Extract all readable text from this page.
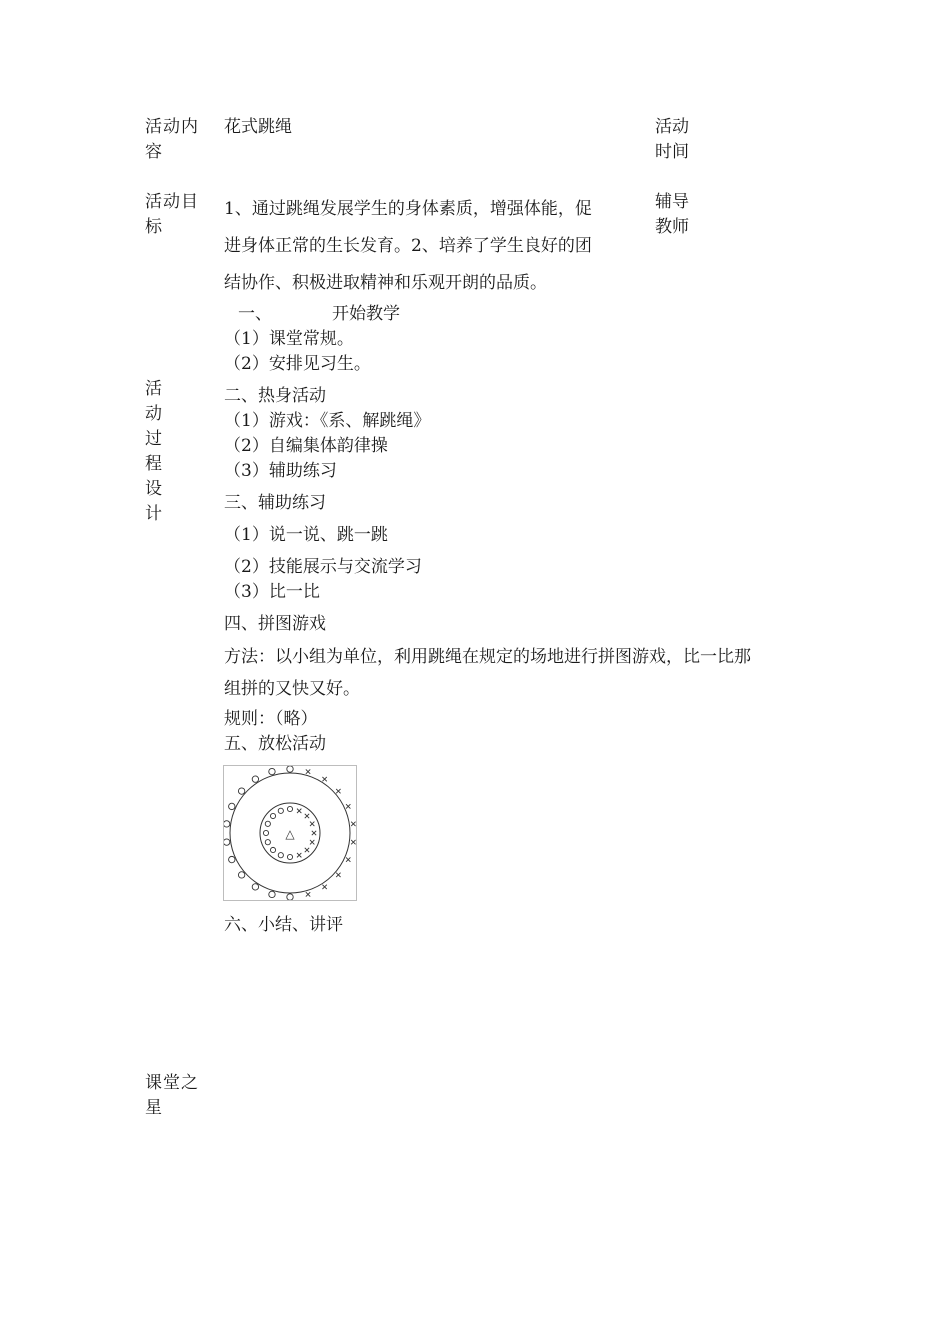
活动内
容
活动目
标
活
动
过
程
设
计
课堂之
星
活动
时间
辅导
教师
花式跳绳
1、通过跳绳发展学生的身体素质，增强体能，促
进身体正常的生长发育。2、培养了学生良好的团
结协作、积极进取精神和乐观开朗的品质。
一、	开始教学
（1）课堂常规。
（2）安排见习生。
二、热身活动
（1）游戏：《系、解跳绳》
（2）自编集体韵律操
（3）辅助练习
三、辅助练习
（1）说一说、跳一跳
（2）技能展示与交流学习
（3）比一比
四、拼图游戏
方法：以小组为单位，利用跳绳在规定的场地进行拼图游戏，比一比那
组拼的又快又好。
规则：（略）
五、放松活动
△
六、小结、讲评
